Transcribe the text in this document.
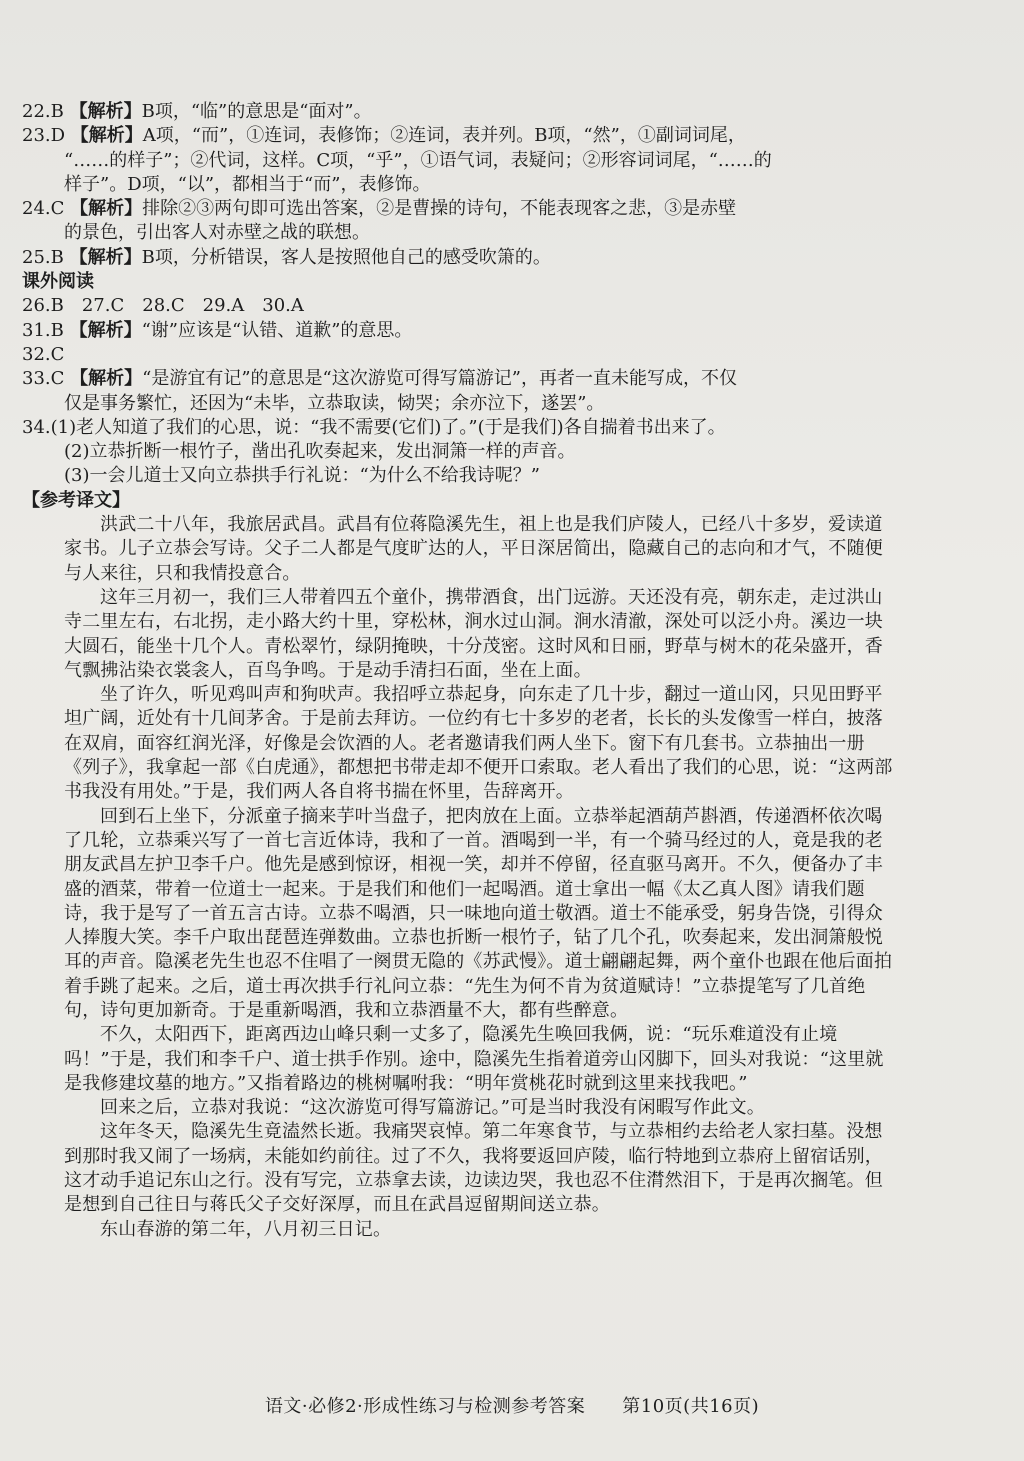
22.B 【解析】B项，“临”的意思是“面对”。
23.D 【解析】A项，“而”，①连词，表修饰；②连词，表并列。B项，“然”，①副词词尾，
“……的样子”；②代词，这样。C项，“乎”，①语气词，表疑问；②形容词词尾，“……的
样子”。D项，“以”，都相当于“而”，表修饰。
24.C 【解析】排除②③两句即可选出答案，②是曹操的诗句，不能表现客之悲，③是赤壁
的景色，引出客人对赤壁之战的联想。
25.B 【解析】B项，分析错误，客人是按照他自己的感受吹箫的。
课外阅读
26.B　27.C　28.C　29.A　30.A
31.B 【解析】“谢”应该是“认错、道歉”的意思。
32.C
33.C 【解析】“是游宜有记”的意思是“这次游览可得写篇游记”，再者一直未能写成，不仅
仅是事务繁忙，还因为“未毕，立恭取读，恸哭；余亦泣下，遂罢”。
34.(1)老人知道了我们的心思，说：“我不需要(它们)了。”(于是我们)各自揣着书出来了。
(2)立恭折断一根竹子，凿出孔吹奏起来，发出洞箫一样的声音。
(3)一会儿道士又向立恭拱手行礼说：“为什么不给我诗呢？”
【参考译文】

洪武二十八年，我旅居武昌。武昌有位蒋隐溪先生，祖上也是我们庐陵人，已经八十多岁，爱读道家书。儿子立恭会写诗。父子二人都是气度旷达的人，平日深居简出，隐藏自己的志向和才气，不随便与人来往，只和我情投意合。

这年三月初一，我们三人带着四五个童仆，携带酒食，出门远游。天还没有亮，朝东走，走过洪山寺二里左右，右北拐，走小路大约十里，穿松林，涧水过山洞。涧水清澈，深处可以泛小舟。溪边一块大圆石，能坐十几个人。青松翠竹，绿阴掩映，十分茂密。这时风和日丽，野草与树木的花朵盛开，香气飘拂沾染衣裳衾人，百鸟争鸣。于是动手清扫石面，坐在上面。

坐了许久，听见鸡叫声和狗吠声。我招呼立恭起身，向东走了几十步，翻过一道山冈，只见田野平坦广阔，近处有十几间茅舍。于是前去拜访。一位约有七十多岁的老者，长长的头发像雪一样白，披落在双肩，面容红润光泽，好像是会饮酒的人。老者邀请我们两人坐下。窗下有几套书。立恭抽出一册《列子》，我拿起一部《白虎通》，都想把书带走却不便开口索取。老人看出了我们的心思，说：“这两部书我没有用处。”于是，我们两人各自将书揣在怀里，告辞离开。

回到石上坐下，分派童子摘来芋叶当盘子，把肉放在上面。立恭举起酒葫芦斟酒，传递酒杯依次喝了几轮，立恭乘兴写了一首七言近体诗，我和了一首。酒喝到一半，有一个骑马经过的人，竟是我的老朋友武昌左护卫李千户。他先是感到惊讶，相视一笑，却并不停留，径直驱马离开。不久，便备办了丰盛的酒菜，带着一位道士一起来。于是我们和他们一起喝酒。道士拿出一幅《太乙真人图》请我们题诗，我于是写了一首五言古诗。立恭不喝酒，只一味地向道士敬酒。道士不能承受，躬身告饶，引得众人捧腹大笑。李千户取出琵琶连弹数曲。立恭也折断一根竹子，钻了几个孔，吹奏起来，发出洞箫般悦耳的声音。隐溪老先生也忍不住唱了一阕贯无隐的《苏武慢》。道士翩翩起舞，两个童仆也跟在他后面拍着手跳了起来。之后，道士再次拱手行礼问立恭：“先生为何不肯为贫道赋诗！”立恭提笔写了几首绝句，诗句更加新奇。于是重新喝酒，我和立恭酒量不大，都有些醉意。

不久，太阳西下，距离西边山峰只剩一丈多了，隐溪先生唤回我俩，说：“玩乐难道没有止境吗！”于是，我们和李千户、道士拱手作别。途中，隐溪先生指着道旁山冈脚下，回头对我说：“这里就是我修建坟墓的地方。”又指着路边的桃树嘱咐我：“明年赏桃花时就到这里来找我吧。”

回来之后，立恭对我说：“这次游览可得写篇游记。”可是当时我没有闲暇写作此文。

这年冬天，隐溪先生竟溘然长逝。我痛哭哀悼。第二年寒食节，与立恭相约去给老人家扫墓。没想到那时我又闹了一场病，未能如约前往。过了不久，我将要返回庐陵，临行特地到立恭府上留宿话别，这才动手追记东山之行。没有写完，立恭拿去读，边读边哭，我也忍不住潸然泪下，于是再次搁笔。但是想到自己往日与蒋氏父子交好深厚，而且在武昌逗留期间送立恭。

东山春游的第二年，八月初三日记。

语文·必修2·形成性练习与检测参考答案　　第10页(共16页)
